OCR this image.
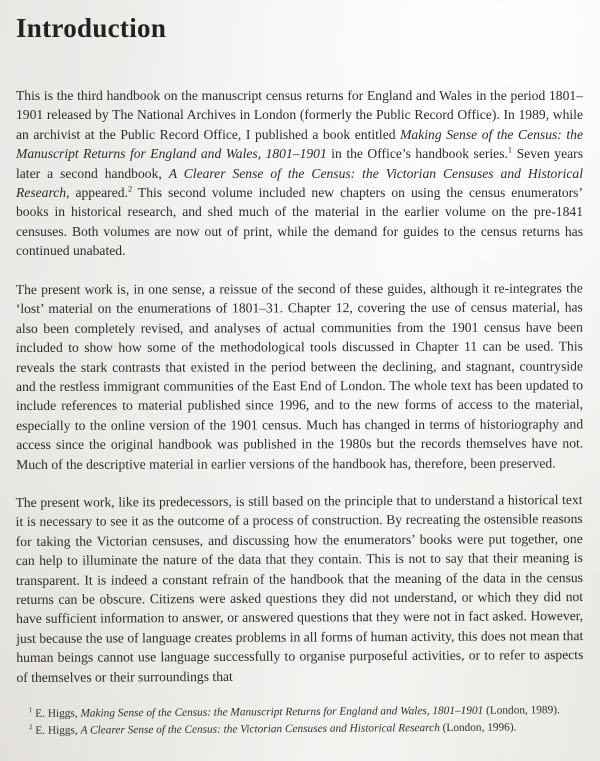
Introduction

This is the third handbook on the manuscript census returns for England and Wales in the period 1801–1901 released by The National Archives in London (formerly the Public Record Office). In 1989, while an archivist at the Public Record Office, I published a book entitled Making Sense of the Census: the Manuscript Returns for England and Wales, 1801–1901 in the Office’s handbook series.$^1$ Seven years later a second handbook, A Clearer Sense of the Census: the Victorian Censuses and Historical Research, appeared.$^2$ This second volume included new chapters on using the census enumerators’ books in historical research, and shed much of the material in the earlier volume on the pre-1841 censuses. Both volumes are now out of print, while the demand for guides to the census returns has continued unabated.

The present work is, in one sense, a reissue of the second of these guides, although it re-integrates the ‘lost’ material on the enumerations of 1801–31. Chapter 12, covering the use of census material, has also been completely revised, and analyses of actual communities from the 1901 census have been included to show how some of the methodological tools discussed in Chapter 11 can be used. This reveals the stark contrasts that existed in the period between the declining, and stagnant, countryside and the restless immigrant communities of the East End of London. The whole text has been updated to include references to material published since 1996, and to the new forms of access to the material, especially to the online version of the 1901 census. Much has changed in terms of historiography and access since the original handbook was published in the 1980s but the records themselves have not. Much of the descriptive material in earlier versions of the handbook has, therefore, been preserved.

The present work, like its predecessors, is still based on the principle that to understand a historical text it is necessary to see it as the outcome of a process of construction. By recreating the ostensible reasons for taking the Victorian censuses, and discussing how the enumerators’ books were put together, one can help to illuminate the nature of the data that they contain. This is not to say that their meaning is transparent. It is indeed a constant refrain of the handbook that the meaning of the data in the census returns can be obscure. Citizens were asked questions they did not understand, or which they did not have sufficient information to answer, or answered questions that they were not in fact asked. However, just because the use of language creates problems in all forms of human activity, this does not mean that human beings cannot use language successfully to organise purposeful activities, or to refer to aspects of themselves or their surroundings that

$^1$ E. Higgs, Making Sense of the Census: the Manuscript Returns for England and Wales, 1801–1901 (London, 1989).

$^2$ E. Higgs, A Clearer Sense of the Census: the Victorian Censuses and Historical Research (London, 1996).
